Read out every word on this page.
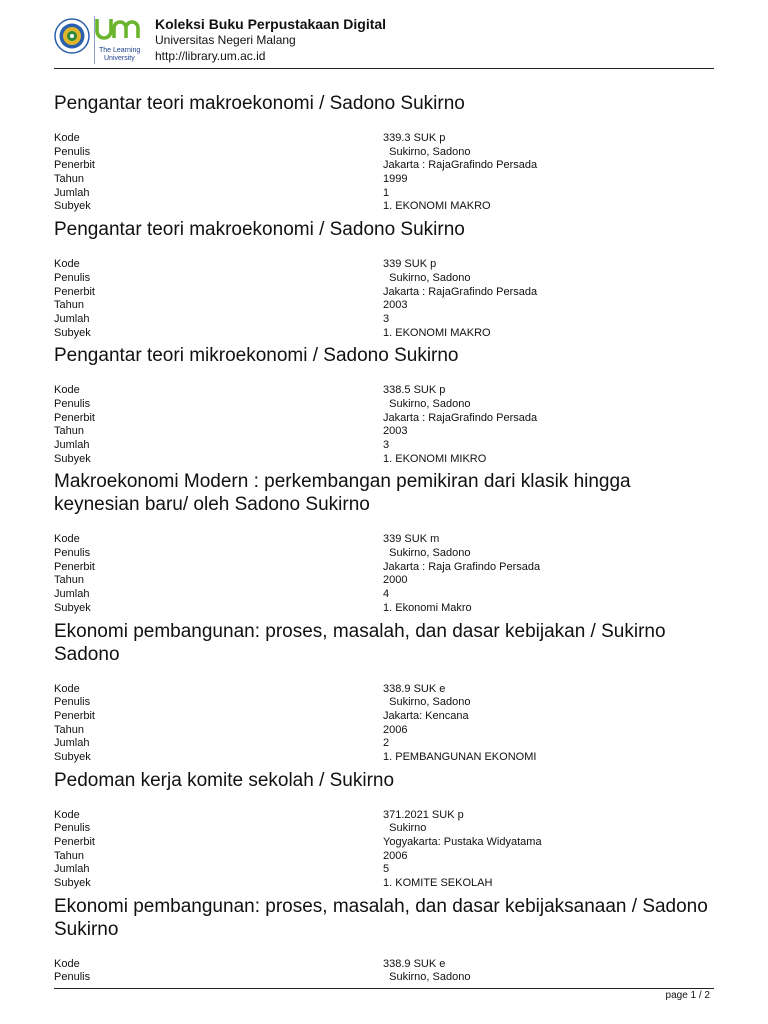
The Learning
University
Koleksi Buku Perpustakaan Digital
Universitas Negeri Malang
http://library.um.ac.id
Pengantar teori makroekonomi / Sadono Sukirno
Kode	339.3 SUK p
Penulis	Sukirno, Sadono
Penerbit	Jakarta : RajaGrafindo Persada
Tahun	1999
Jumlah	1
Subyek	1. EKONOMI MAKRO
Pengantar teori makroekonomi / Sadono Sukirno
Kode	339 SUK p
Penulis	Sukirno, Sadono
Penerbit	Jakarta : RajaGrafindo Persada
Tahun	2003
Jumlah	3
Subyek	1. EKONOMI MAKRO
Pengantar teori mikroekonomi / Sadono Sukirno
Kode	338.5 SUK p
Penulis	Sukirno, Sadono
Penerbit	Jakarta : RajaGrafindo Persada
Tahun	2003
Jumlah	3
Subyek	1. EKONOMI MIKRO
Makroekonomi Modern : perkembangan pemikiran dari klasik hingga keynesian baru/ oleh Sadono Sukirno
Kode	339 SUK m
Penulis	Sukirno, Sadono
Penerbit	Jakarta : Raja Grafindo Persada
Tahun	2000
Jumlah	4
Subyek	1. Ekonomi Makro
Ekonomi pembangunan: proses, masalah, dan dasar kebijakan / Sukirno Sadono
Kode	338.9 SUK e
Penulis	Sukirno, Sadono
Penerbit	Jakarta: Kencana
Tahun	2006
Jumlah	2
Subyek	1. PEMBANGUNAN EKONOMI
Pedoman kerja komite sekolah / Sukirno
Kode	371.2021 SUK p
Penulis	Sukirno
Penerbit	Yogyakarta: Pustaka Widyatama
Tahun	2006
Jumlah	5
Subyek	1. KOMITE SEKOLAH
Ekonomi pembangunan: proses, masalah, dan dasar kebijaksanaan / Sadono Sukirno
Kode	338.9 SUK e
Penulis	Sukirno, Sadono
page 1 / 2
